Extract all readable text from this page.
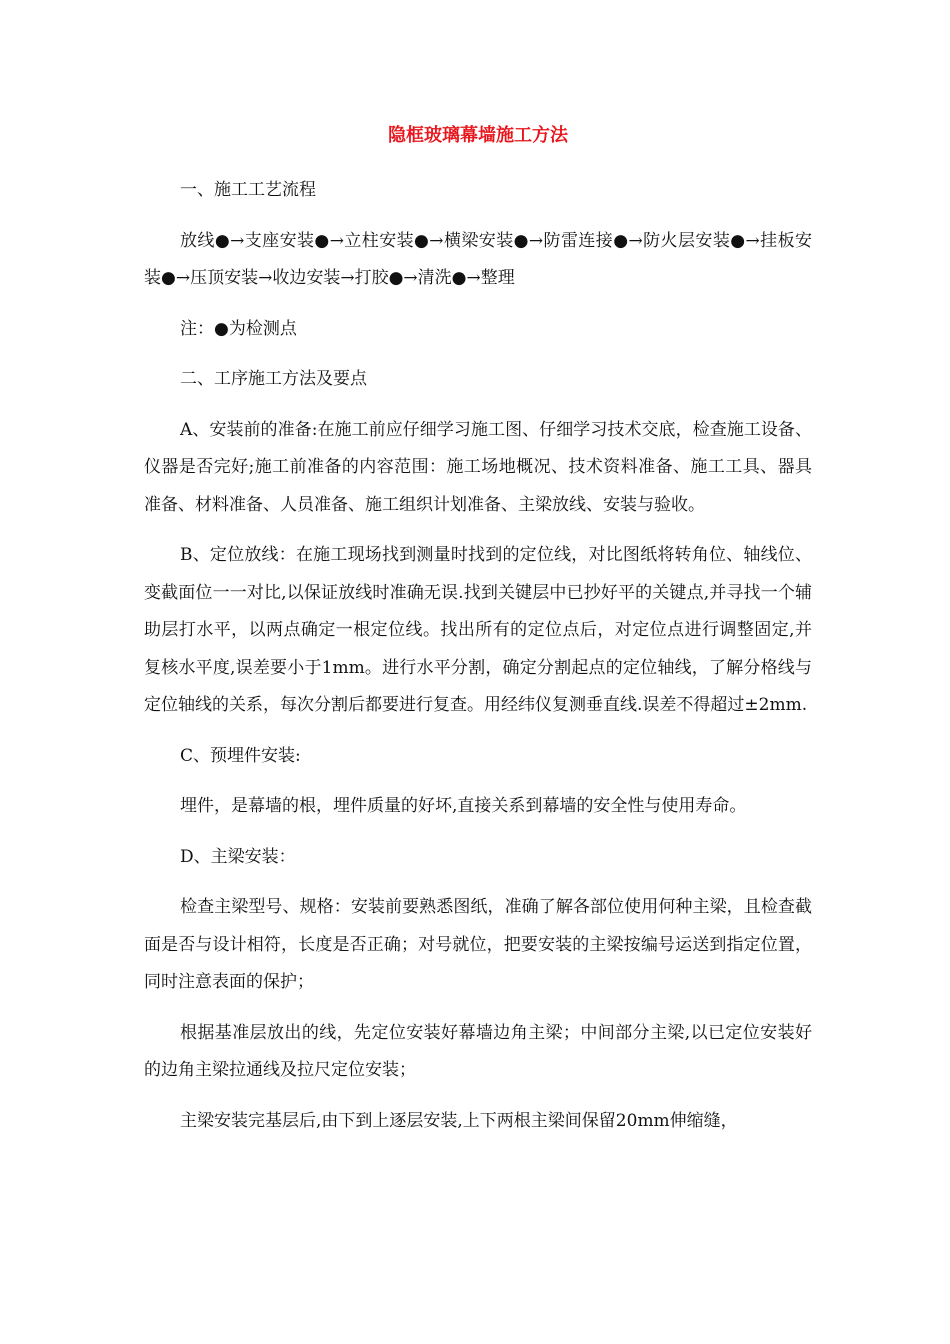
隐框玻璃幕墙施工方法

一、施工工艺流程

放线●→支座安装●→立柱安装●→横梁安装●→防雷连接●→防火层安装●→挂板安装●→压顶安装→收边安装→打胶●→清洗●→整理

注：●为检测点

二、工序施工方法及要点

A、安装前的准备:在施工前应仔细学习施工图、仔细学习技术交底，检查施工设备、仪器是否完好;施工前准备的内容范围：施工场地概况、技术资料准备、施工工具、器具准备、材料准备、人员准备、施工组织计划准备、主梁放线、安装与验收。

B、定位放线：在施工现场找到测量时找到的定位线，对比图纸将转角位、轴线位、变截面位一一对比,以保证放线时准确无误.找到关键层中已抄好平的关键点,并寻找一个辅助层打水平，以两点确定一根定位线。找出所有的定位点后，对定位点进行调整固定,并复核水平度,误差要小于1mm。进行水平分割，确定分割起点的定位轴线，了解分格线与定位轴线的关系，每次分割后都要进行复查。用经纬仪复测垂直线.误差不得超过±2mm.

C、预埋件安装:

埋件，是幕墙的根，埋件质量的好坏,直接关系到幕墙的安全性与使用寿命。

D、主梁安装：

检查主梁型号、规格：安装前要熟悉图纸，准确了解各部位使用何种主梁，且检查截面是否与设计相符，长度是否正确；对号就位，把要安装的主梁按编号运送到指定位置，同时注意表面的保护；

根据基准层放出的线，先定位安装好幕墙边角主梁；中间部分主梁,以已定位安装好的边角主梁拉通线及拉尺定位安装；

主梁安装完基层后,由下到上逐层安装,上下两根主梁间保留20mm伸缩缝，
